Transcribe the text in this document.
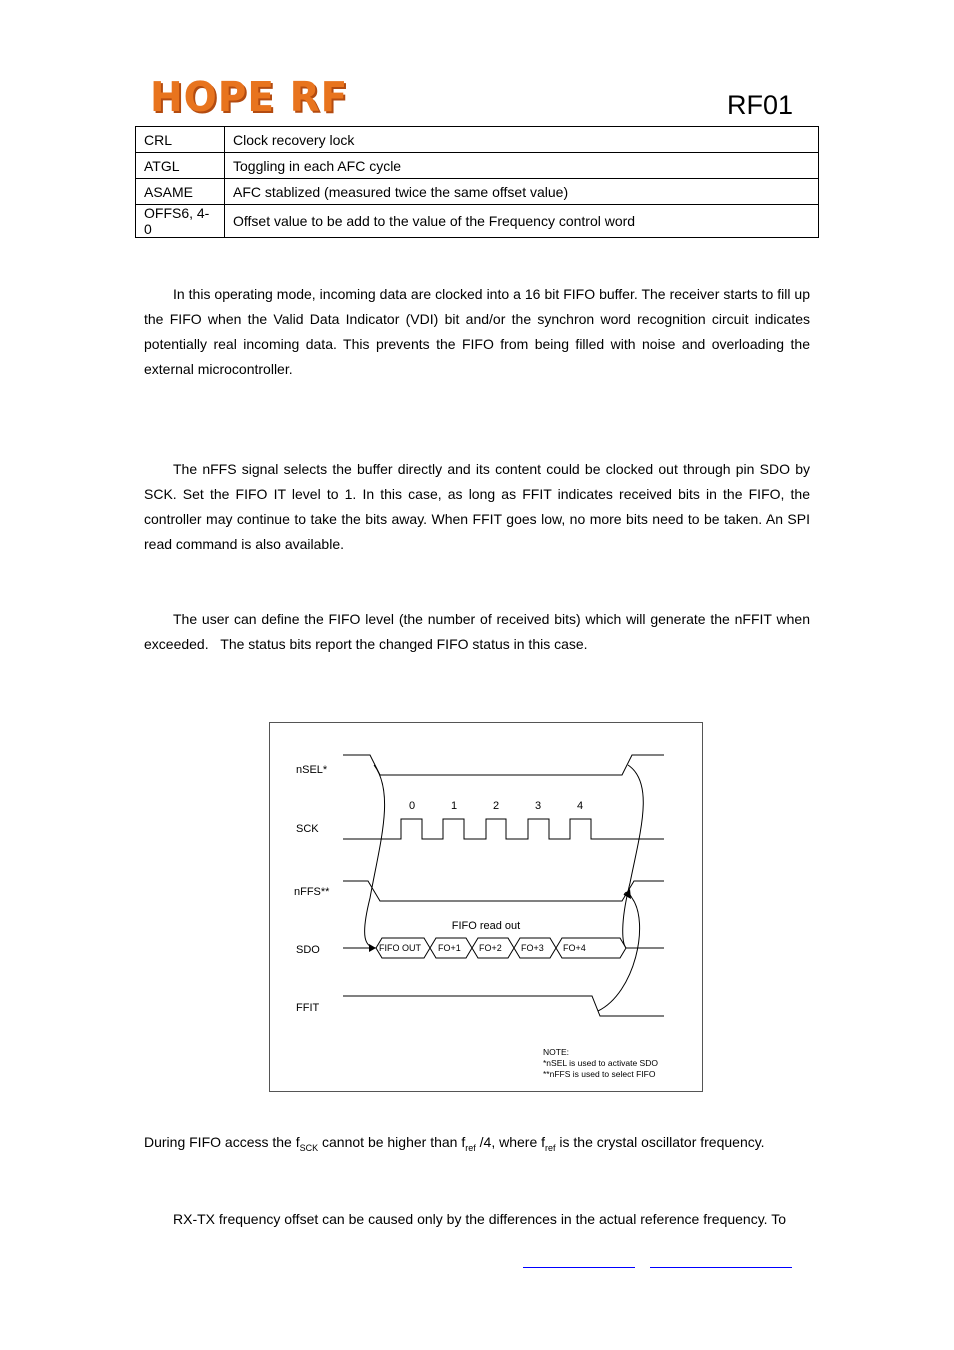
HOPE RF	RF01
CRL	Clock recovery lock
ATGL	Toggling in each AFC cycle
ASAME	AFC stablized (measured twice the same offset value)
OFFS6, 4-0	Offset value to be add to the value of the Frequency control word
In this operating mode, incoming data are clocked into a 16 bit FIFO buffer. The receiver starts to fill up the FIFO when the Valid Data Indicator (VDI) bit and/or the synchron word recognition circuit indicates potentially real incoming data. This prevents the FIFO from being filled with noise and overloading the external microcontroller.
The nFFS signal selects the buffer directly and its content could be clocked out through pin SDO by SCK. Set the FIFO IT level to 1. In this case, as long as FFIT indicates received bits in the FIFO, the controller may continue to take the bits away. When FFIT goes low, no more bits need to be taken. An SPI read command is also available.
The user can define the FIFO level (the number of received bits) which will generate the nFFIT when exceeded.   The status bits report the changed FIFO status in this case.
nSEL*
SCK
nFFS**
SDO
FFIT
0	1	2	3	4
FIFO read out
FIFO OUT FO+1 FO+2 FO+3 FO+4
NOTE:
*nSEL is used to activate SDO
**nFFS is used to select FIFO
During FIFO access the $f_{SCK}$ cannot be higher than $f_{ref}$ /4, where $f_{ref}$ is the crystal oscillator frequency.
RX-TX frequency offset can be caused only by the differences in the actual reference frequency. To
